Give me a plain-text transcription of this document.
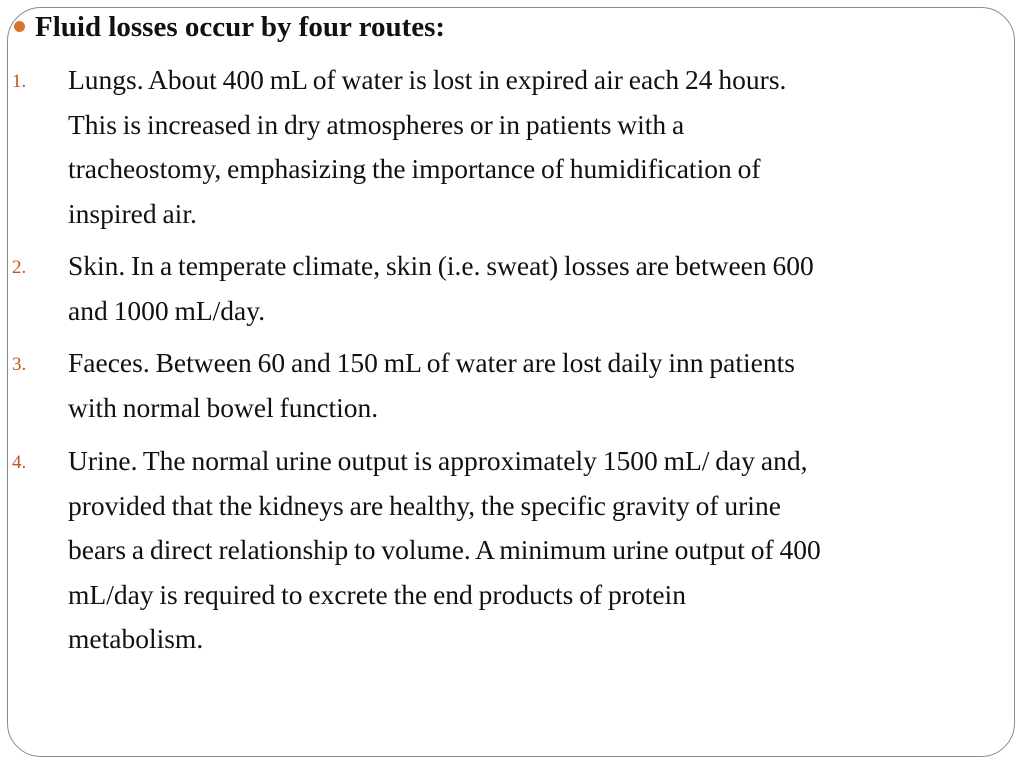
Fluid losses occur by four routes:
1. Lungs. About 400 mL of water is lost in expired air each 24 hours.
This is increased in dry atmospheres or in patients with a
tracheostomy, emphasizing the importance of humidification of
inspired air.
2. Skin. In a temperate climate, skin (i.e. sweat) losses are between 600
and 1000 mL/day.
3. Faeces. Between 60 and 150 mL of water are lost daily inn patients
with normal bowel function.
4. Urine. The normal urine output is approximately 1500 mL/ day and,
provided that the kidneys are healthy, the specific gravity of urine
bears a direct relationship to volume. A minimum urine output of 400
mL/day is required to excrete the end products of protein
metabolism.
